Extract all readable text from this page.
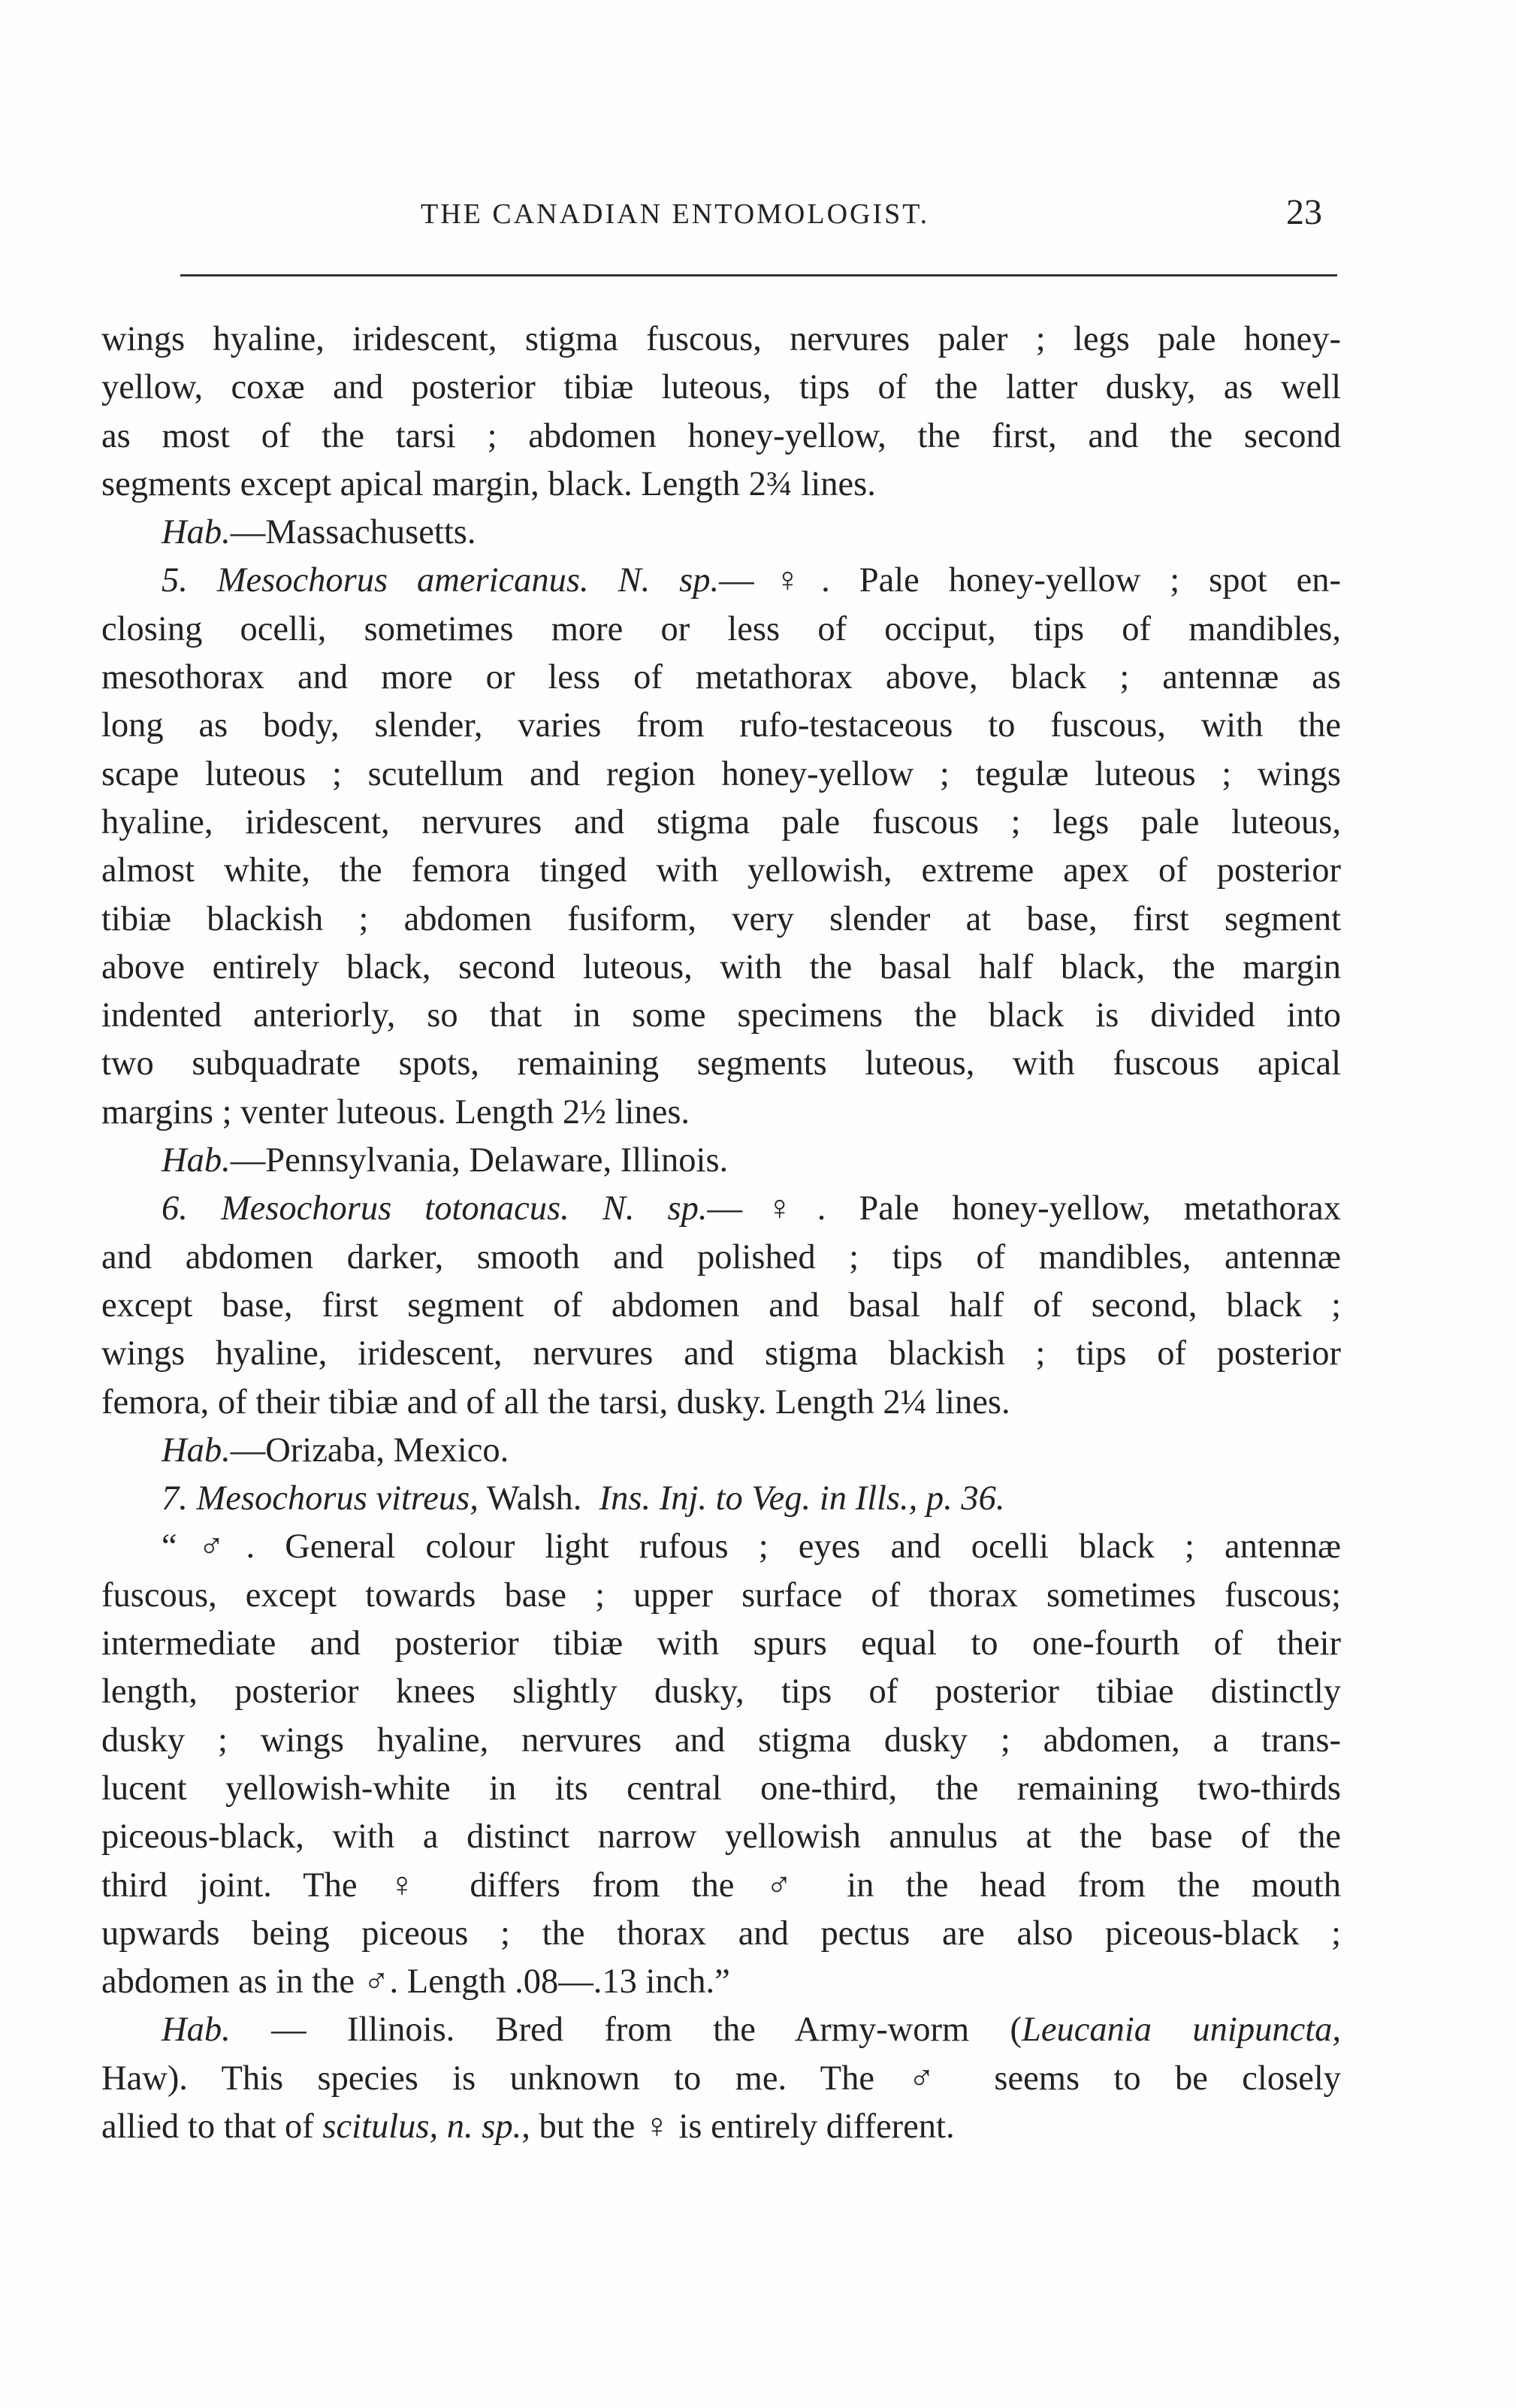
THE CANADIAN ENTOMOLOGIST.	23

wings hyaline, iridescent, stigma fuscous, nervures paler ; legs pale honey-
yellow, coxæ and posterior tibiæ luteous, tips of the latter dusky, as well
as most of the tarsi ; abdomen honey-yellow, the first, and the second
segments except apical margin, black. Length 2¾ lines.

Hab.—Massachusetts.

5. Mesochorus americanus. N. sp.—♀. Pale honey-yellow ; spot en-
closing ocelli, sometimes more or less of occiput, tips of mandibles,
mesothorax and more or less of metathorax above, black ; antennæ as
long as body, slender, varies from rufo-testaceous to fuscous, with the
scape luteous ; scutellum and region honey-yellow ; tegulæ luteous ; wings
hyaline, iridescent, nervures and stigma pale fuscous ; legs pale luteous,
almost white, the femora tinged with yellowish, extreme apex of posterior
tibiæ blackish ; abdomen fusiform, very slender at base, first segment
above entirely black, second luteous, with the basal half black, the margin
indented anteriorly, so that in some specimens the black is divided into
two subquadrate spots, remaining segments luteous, with fuscous apical
margins ; venter luteous. Length 2½ lines.

Hab.—Pennsylvania, Delaware, Illinois.

6. Mesochorus totonacus. N. sp.—♀. Pale honey-yellow, metathorax
and abdomen darker, smooth and polished ; tips of mandibles, antennæ
except base, first segment of abdomen and basal half of second, black ;
wings hyaline, iridescent, nervures and stigma blackish ; tips of posterior
femora, of their tibiæ and of all the tarsi, dusky. Length 2¼ lines.

Hab.—Orizaba, Mexico.

7. Mesochorus vitreus, Walsh. Ins. Inj. to Veg. in Ills., p. 36.

“♂. General colour light rufous ; eyes and ocelli black ; antennæ
fuscous, except towards base ; upper surface of thorax sometimes fuscous;
intermediate and posterior tibiæ with spurs equal to one-fourth of their
length, posterior knees slightly dusky, tips of posterior tibiae distinctly
dusky ; wings hyaline, nervures and stigma dusky ; abdomen, a trans-
lucent yellowish-white in its central one-third, the remaining two-thirds
piceous-black, with a distinct narrow yellowish annulus at the base of the
third joint. The ♀ differs from the ♂ in the head from the mouth
upwards being piceous ; the thorax and pectus are also piceous-black ;
abdomen as in the ♂. Length .08—.13 inch.”

Hab. — Illinois. Bred from the Army-worm (Leucania unipuncta,
Haw). This species is unknown to me. The ♂ seems to be closely
allied to that of scitulus, n. sp., but the ♀ is entirely different.
